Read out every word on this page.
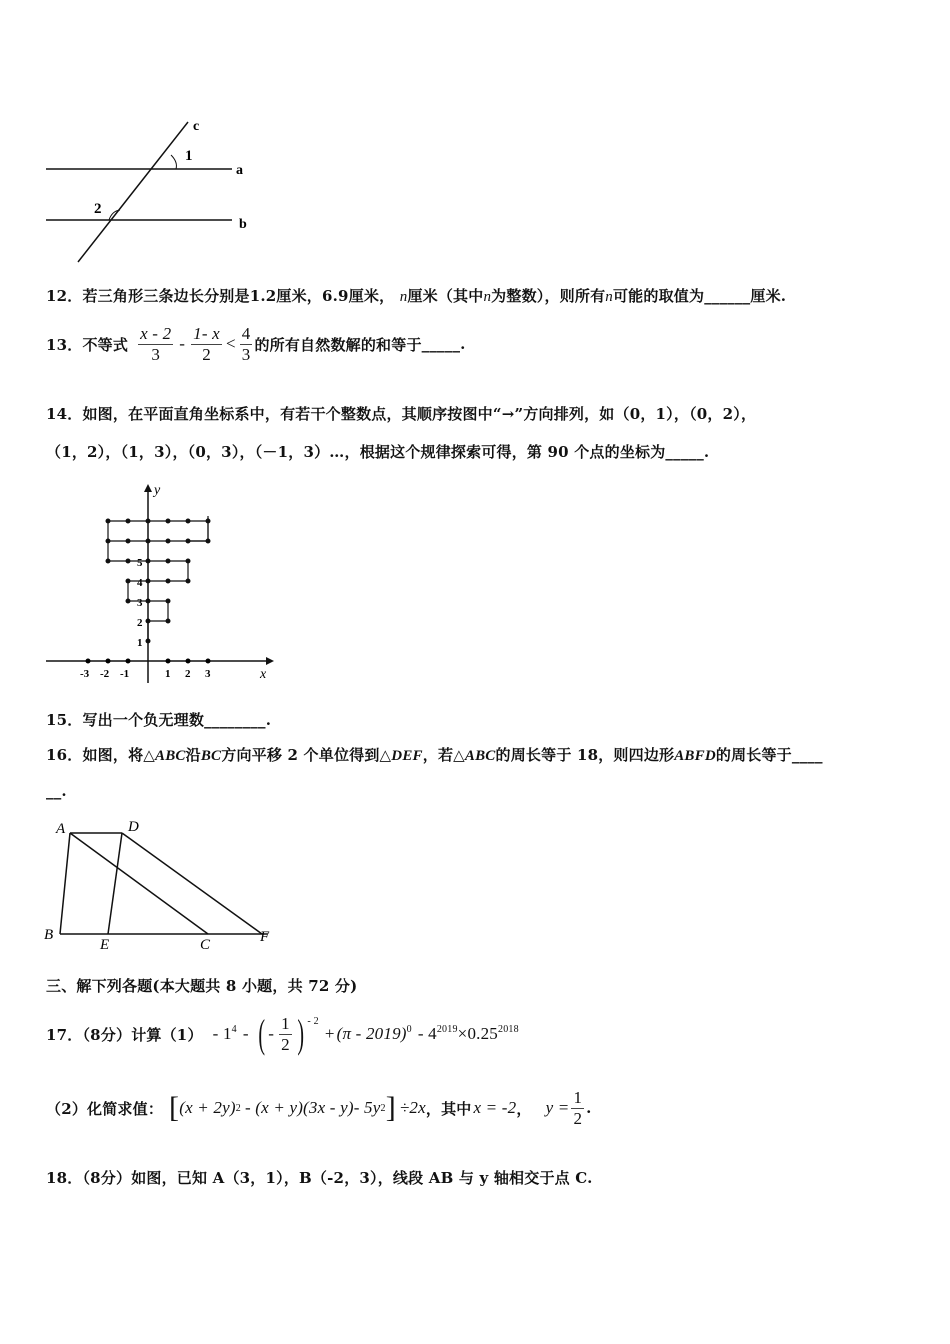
c
1
a
2
b
12．若三角形三条边长分别是1.2厘米，6.9厘米， n厘米（其中n为整数），则所有n可能的取值为______厘米.
13．不等式 $\frac{x - 2}{3} - \frac{1- x}{2} < \frac{4}{3}$ 的所有自然数解的和等于 _____ .
14．如图，在平面直角坐标系中，有若干个整数点，其顺序按图中“→”方向排列，如（0，1），（0，2），
（1，2），（1，3），（0，3），（－1，3）…，根据这个规律探索可得，第 90 个点的坐标为_____.
y
x
-3 -2 -1	1 2 3
1
2
3
4
5
15．写出一个负无理数________.
16．如图，将△ABC沿BC方向平移 2 个单位得到△DEF，若△ABC的周长等于 18，则四边形ABFD的周长等于____
__.
A	D
B
E	C	F
三、解下列各题(本大题共 8 小题，共 72 分)
17．（8分）计算$(1) - 1^4$ - ( - $\frac{1}{2}$ ) $^{- 2}$
+ $(\pi - 2019)^0 - 4^{2019} \times 0.25^{2018}$
（2）化简求值： [ (x + 2y) 2 - (x + y)(3x - y)- 5y 2 ] ÷2x ，其中 x = -2 ， $y = \frac{1}{2}$ .
18．（8分）如图，已知 A（3，1），B（-2，3），线段 AB 与 y 轴相交于点 C.
